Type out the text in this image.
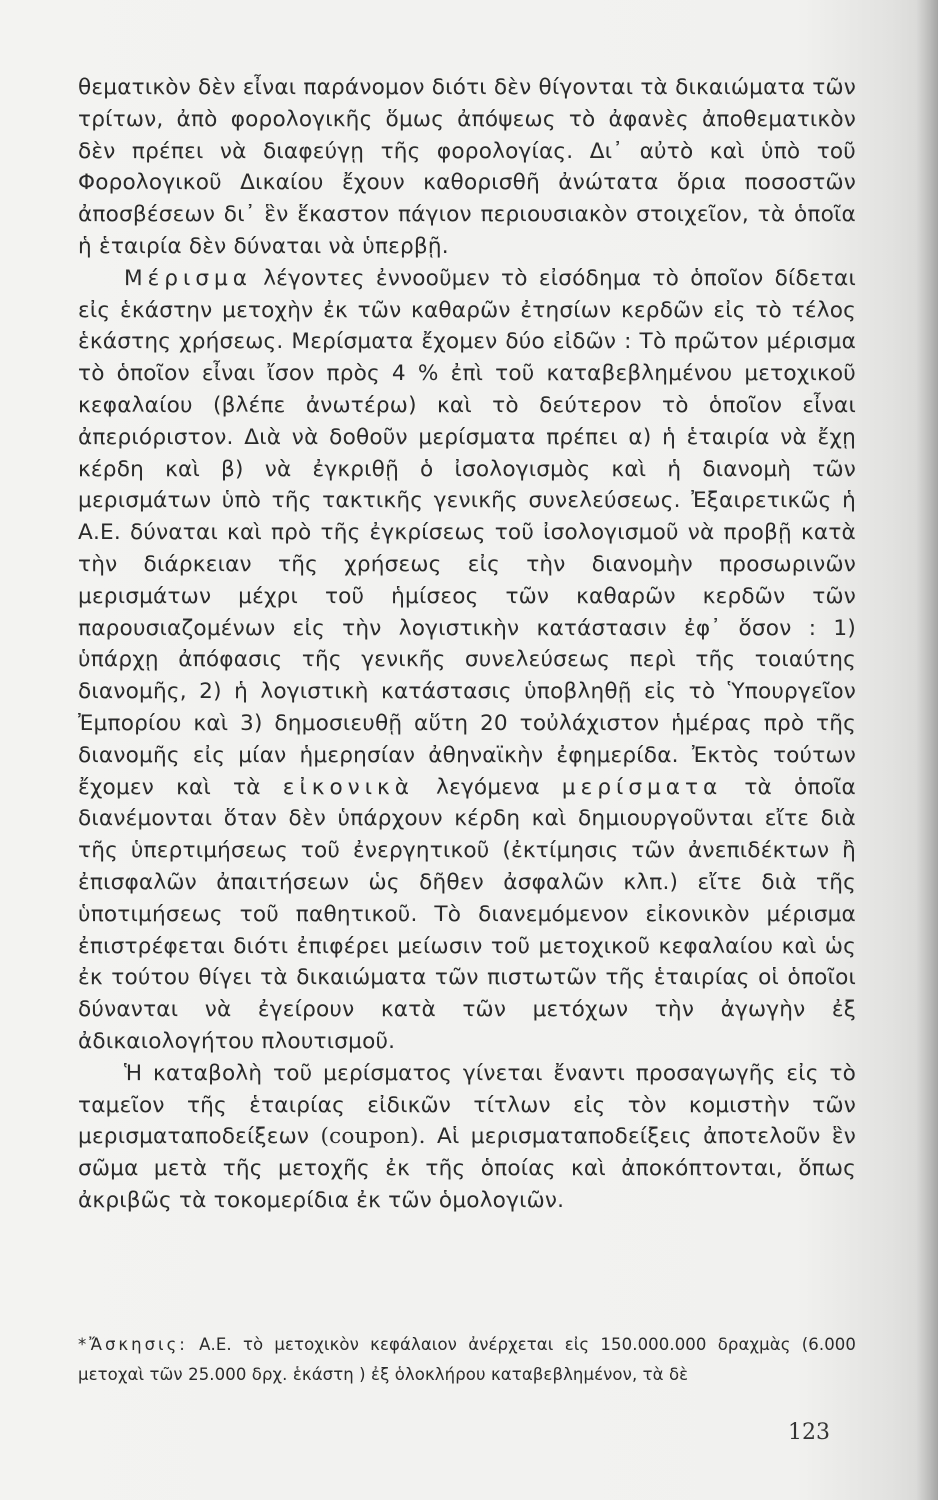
θεματικὸν δὲν εἶναι παράνομον διότι δὲν θίγονται τὰ δικαιώματα τῶν τρίτων, ἀπὸ φορολογικῆς ὅμως ἀπόψεως τὸ ἀφανὲς ἀποθεματικὸν δὲν πρέπει νὰ διαφεύγῃ τῆς φορολογίας. Δι᾽ αὐτὸ καὶ ὑπὸ τοῦ Φορολογικοῦ Δικαίου ἔχουν καθορισθῆ ἀνώτατα ὅρια ποσοστῶν ἀποσβέσεων δι᾽ ἓν ἕκαστον πάγιον περιουσιακὸν στοιχεῖον, τὰ ὁποῖα ἡ ἑταιρία δὲν δύναται νὰ ὑπερβῇ.

Μέρισμα λέγοντες ἐννοοῦμεν τὸ εἰσόδημα τὸ ὁποῖον δίδεται εἰς ἑκάστην μετοχὴν ἐκ τῶν καθαρῶν ἐτησίων κερδῶν εἰς τὸ τέλος ἑκάστης χρήσεως. Μερίσματα ἔχομεν δύο εἰδῶν : Τὸ πρῶτον μέρισμα τὸ ὁποῖον εἶναι ἴσον πρὸς 4 % ἐπὶ τοῦ καταβεβλημένου μετοχικοῦ κεφαλαίου (βλέπε ἀνωτέρω) καὶ τὸ δεύτερον τὸ ὁποῖον εἶναι ἀπεριόριστον. Διὰ νὰ δοθοῦν μερίσματα πρέπει α) ἡ ἑταιρία νὰ ἔχῃ κέρδη καὶ β) νὰ ἐγκριθῇ ὁ ἰσολογισμὸς καὶ ἡ διανομὴ τῶν μερισμάτων ὑπὸ τῆς τακτικῆς γενικῆς συνελεύσεως. Ἐξαιρετικῶς ἡ Α.Ε. δύναται καὶ πρὸ τῆς ἐγκρίσεως τοῦ ἰσολογισμοῦ νὰ προβῇ κατὰ τὴν διάρκειαν τῆς χρήσεως εἰς τὴν διανομὴν προσωρινῶν μερισμάτων μέχρι τοῦ ἡμίσεος τῶν καθαρῶν κερδῶν τῶν παρουσιαζομένων εἰς τὴν λογιστικὴν κατάστασιν ἐφ᾽ ὅσον : 1) ὑπάρχῃ ἀπόφασις τῆς γενικῆς συνελεύσεως περὶ τῆς τοιαύτης διανομῆς, 2) ἡ λογιστικὴ κατάστασις ὑποβληθῇ εἰς τὸ Ὑπουργεῖον Ἐμπορίου καὶ 3) δημοσιευθῇ αὕτη 20 τοὐλάχιστον ἡμέρας πρὸ τῆς διανομῆς εἰς μίαν ἡμερησίαν ἀθηναϊκὴν ἐφημερίδα. Ἐκτὸς τούτων ἔχομεν καὶ τὰ εἰκονικὰ λεγόμενα μερίσματα τὰ ὁποῖα διανέμονται ὅταν δὲν ὑπάρχουν κέρδη καὶ δημιουργοῦνται εἴτε διὰ τῆς ὑπερτιμήσεως τοῦ ἐνεργητικοῦ (ἐκτίμησις τῶν ἀνεπιδέκτων ἢ ἐπισφαλῶν ἀπαιτήσεων ὡς δῆθεν ἀσφαλῶν κλπ.) εἴτε διὰ τῆς ὑποτιμήσεως τοῦ παθητικοῦ. Τὸ διανεμόμενον εἰκονικὸν μέρισμα ἐπιστρέφεται διότι ἐπιφέρει μείωσιν τοῦ μετοχικοῦ κεφαλαίου καὶ ὡς ἐκ τούτου θίγει τὰ δικαιώματα τῶν πιστωτῶν τῆς ἑταιρίας οἱ ὁποῖοι δύνανται νὰ ἐγείρουν κατὰ τῶν μετόχων τὴν ἀγωγὴν ἐξ ἀδικαιολογήτου πλουτισμοῦ.

Ἡ καταβολὴ τοῦ μερίσματος γίνεται ἔναντι προσαγωγῆς εἰς τὸ ταμεῖον τῆς ἑταιρίας εἰδικῶν τίτλων εἰς τὸν κομιστὴν τῶν μερισματαποδείξεων (coupon). Αἱ μερισματαποδείξεις ἀποτελοῦν ἓν σῶμα μετὰ τῆς μετοχῆς ἐκ τῆς ὁποίας καὶ ἀποκόπτονται, ὅπως ἀκριβῶς τὰ τοκομερίδια ἐκ τῶν ὁμολογιῶν.

*Ἄσκησις: Α.Ε. τὸ μετοχικὸν κεφάλαιον ἀνέρχεται εἰς 150.000.000 δραχμὰς (6.000 μετοχαὶ τῶν 25.000 δρχ. ἑκάστη ) ἐξ ὁλοκλήρου καταβεβλημένον, τὰ δὲ
123
